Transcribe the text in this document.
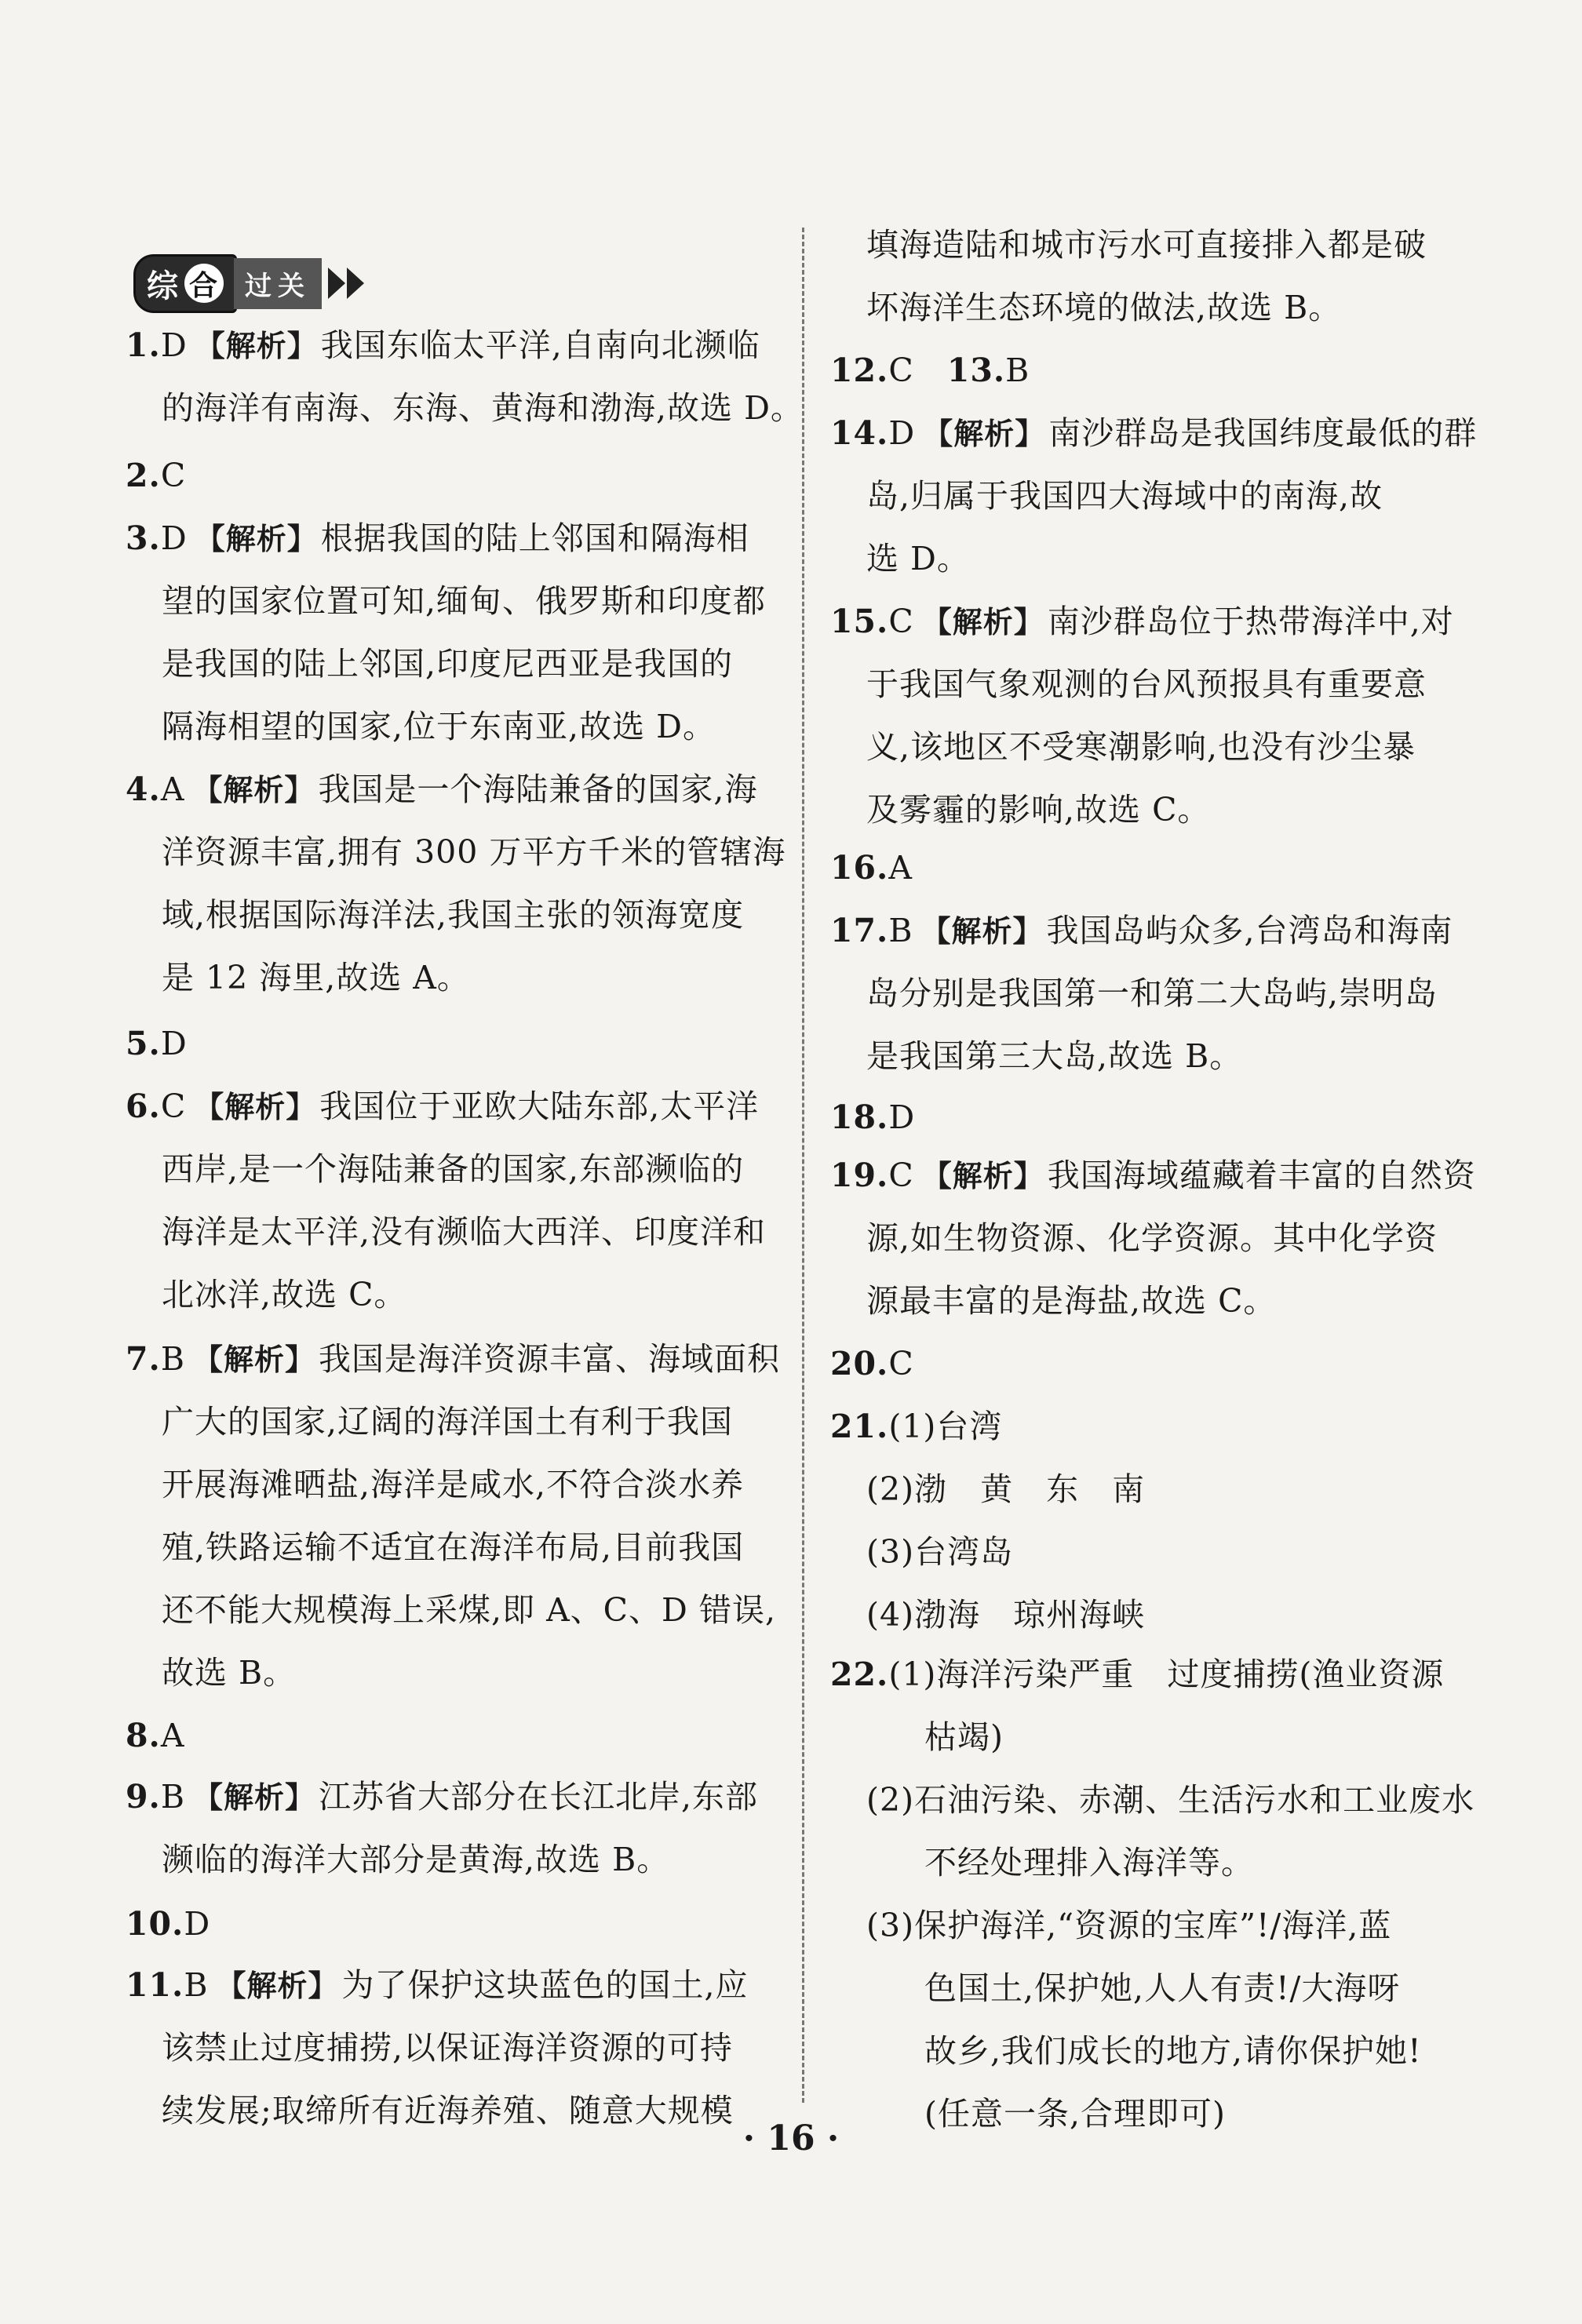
综 合 过关
1.D 【解析】我国东临太平洋,自南向北濒临
的海洋有南海、东海、黄海和渤海,故选 D。
2.C
3.D 【解析】根据我国的陆上邻国和隔海相
望的国家位置可知,缅甸、俄罗斯和印度都
是我国的陆上邻国,印度尼西亚是我国的
隔海相望的国家,位于东南亚,故选 D。
4.A 【解析】我国是一个海陆兼备的国家,海
洋资源丰富,拥有 300 万平方千米的管辖海
域,根据国际海洋法,我国主张的领海宽度
是 12 海里,故选 A。
5.D
6.C 【解析】我国位于亚欧大陆东部,太平洋
西岸,是一个海陆兼备的国家,东部濒临的
海洋是太平洋,没有濒临大西洋、印度洋和
北冰洋,故选 C。
7.B 【解析】我国是海洋资源丰富、海域面积
广大的国家,辽阔的海洋国土有利于我国
开展海滩晒盐,海洋是咸水,不符合淡水养
殖,铁路运输不适宜在海洋布局,目前我国
还不能大规模海上采煤,即 A、C、D 错误,
故选 B。
8.A
9.B 【解析】江苏省大部分在长江北岸,东部
濒临的海洋大部分是黄海,故选 B。
10.D
11.B 【解析】为了保护这块蓝色的国土,应
该禁止过度捕捞,以保证海洋资源的可持
续发展;取缔所有近海养殖、随意大规模
填海造陆和城市污水可直接排入都是破
坏海洋生态环境的做法,故选 B。
12.C 13.B
14.D 【解析】南沙群岛是我国纬度最低的群
岛,归属于我国四大海域中的南海,故
选 D。
15.C 【解析】南沙群岛位于热带海洋中,对
于我国气象观测的台风预报具有重要意
义,该地区不受寒潮影响,也没有沙尘暴
及雾霾的影响,故选 C。
16.A
17.B 【解析】我国岛屿众多,台湾岛和海南
岛分别是我国第一和第二大岛屿,崇明岛
是我国第三大岛,故选 B。
18.D
19.C 【解析】我国海域蕴藏着丰富的自然资
源,如生物资源、化学资源。其中化学资
源最丰富的是海盐,故选 C。
20.C
21.(1)台湾
(2)渤　黄　东　南
(3)台湾岛
(4)渤海　琼州海峡
22.(1)海洋污染严重　过度捕捞(渔业资源
枯竭)
(2)石油污染、赤潮、生活污水和工业废水
不经处理排入海洋等。
(3)保护海洋,“资源的宝库”!/海洋,蓝
色国土,保护她,人人有责!/大海呀
故乡,我们成长的地方,请你保护她!
(任意一条,合理即可)
· 16 ·
